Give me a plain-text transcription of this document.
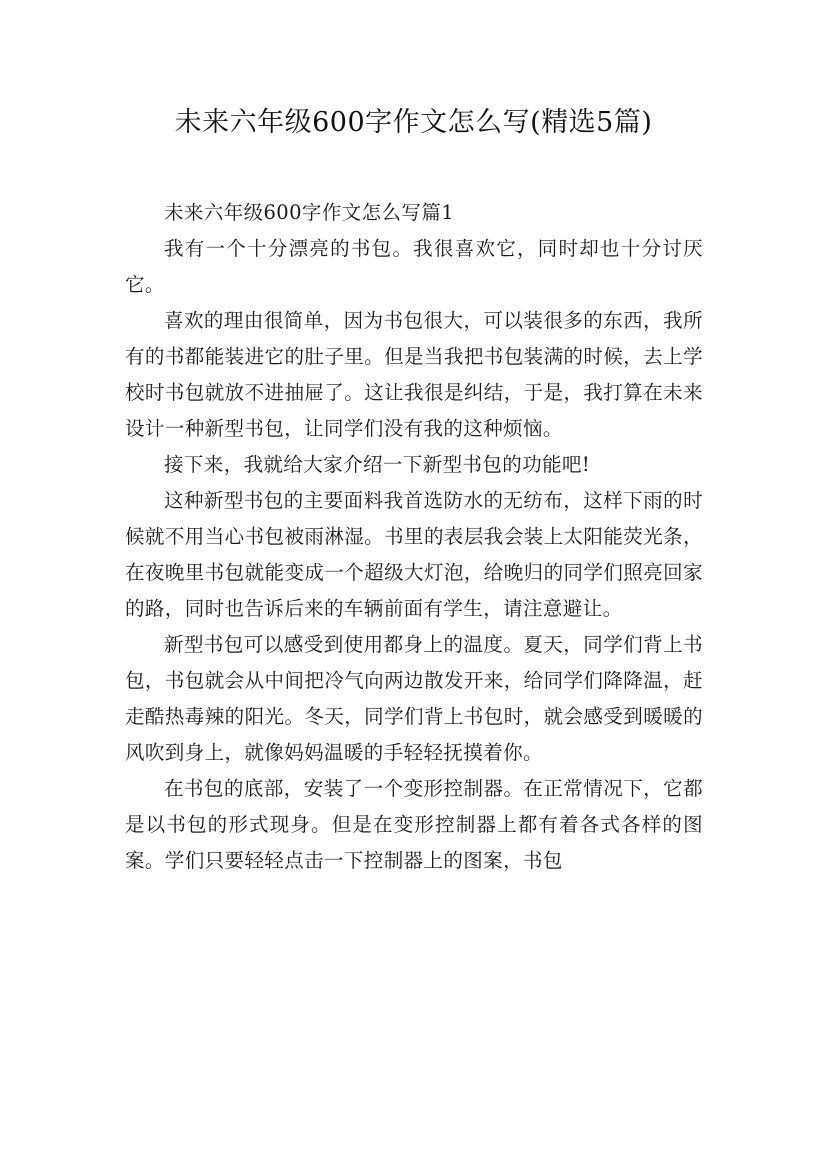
未来六年级600字作文怎么写(精选5篇)

未来六年级600字作文怎么写篇1

我有一个十分漂亮的书包。我很喜欢它，同时却也十分讨厌它。

喜欢的理由很简单，因为书包很大，可以装很多的东西，我所有的书都能装进它的肚子里。但是当我把书包装满的时候，去上学校时书包就放不进抽屉了。这让我很是纠结，于是，我打算在未来设计一种新型书包，让同学们没有我的这种烦恼。

接下来，我就给大家介绍一下新型书包的功能吧!

这种新型书包的主要面料我首选防水的无纺布，这样下雨的时候就不用当心书包被雨淋湿。书里的表层我会装上太阳能荧光条，在夜晚里书包就能变成一个超级大灯泡，给晚归的同学们照亮回家的路，同时也告诉后来的车辆前面有学生，请注意避让。

新型书包可以感受到使用都身上的温度。夏天，同学们背上书包，书包就会从中间把冷气向两边散发开来，给同学们降降温，赶走酷热毒辣的阳光。冬天，同学们背上书包时，就会感受到暖暖的风吹到身上，就像妈妈温暖的手轻轻抚摸着你。

在书包的底部，安装了一个变形控制器。在正常情况下，它都是以书包的形式现身。但是在变形控制器上都有着各式各样的图案。学们只要轻轻点击一下控制器上的图案，书包
